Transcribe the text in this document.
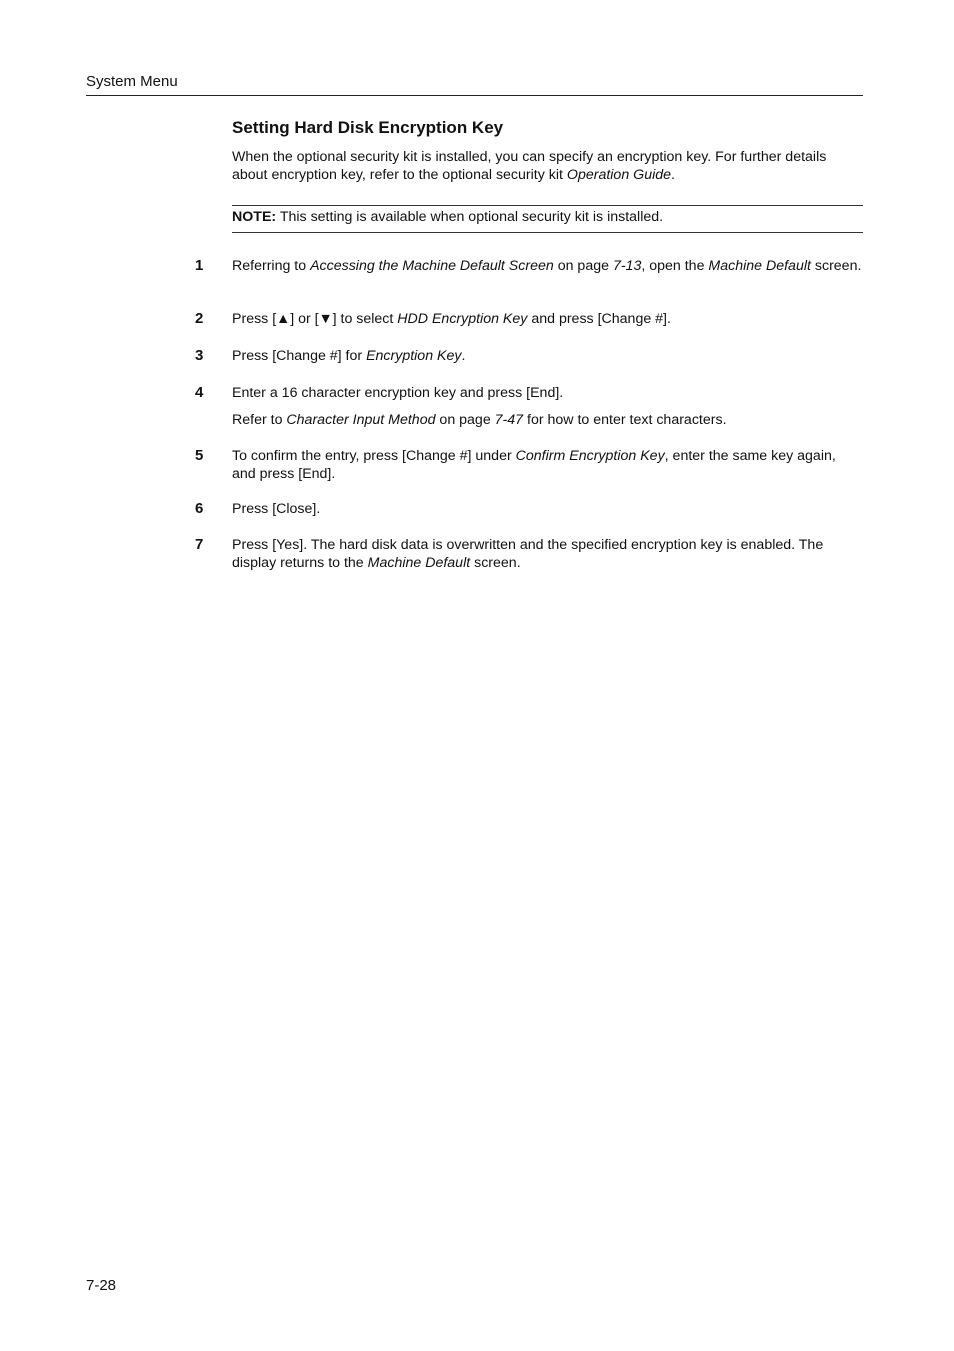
System Menu
Setting Hard Disk Encryption Key
When the optional security kit is installed, you can specify an encryption key. For further details about encryption key, refer to the optional security kit Operation Guide.
NOTE: This setting is available when optional security kit is installed.
1 Referring to Accessing the Machine Default Screen on page 7-13, open the Machine Default screen.
2 Press [▲] or [▼] to select HDD Encryption Key and press [Change #].
3 Press [Change #] for Encryption Key.
4 Enter a 16 character encryption key and press [End].
Refer to Character Input Method on page 7-47 for how to enter text characters.
5 To confirm the entry, press [Change #] under Confirm Encryption Key, enter the same key again, and press [End].
6 Press [Close].
7 Press [Yes]. The hard disk data is overwritten and the specified encryption key is enabled. The display returns to the Machine Default screen.
7-28
